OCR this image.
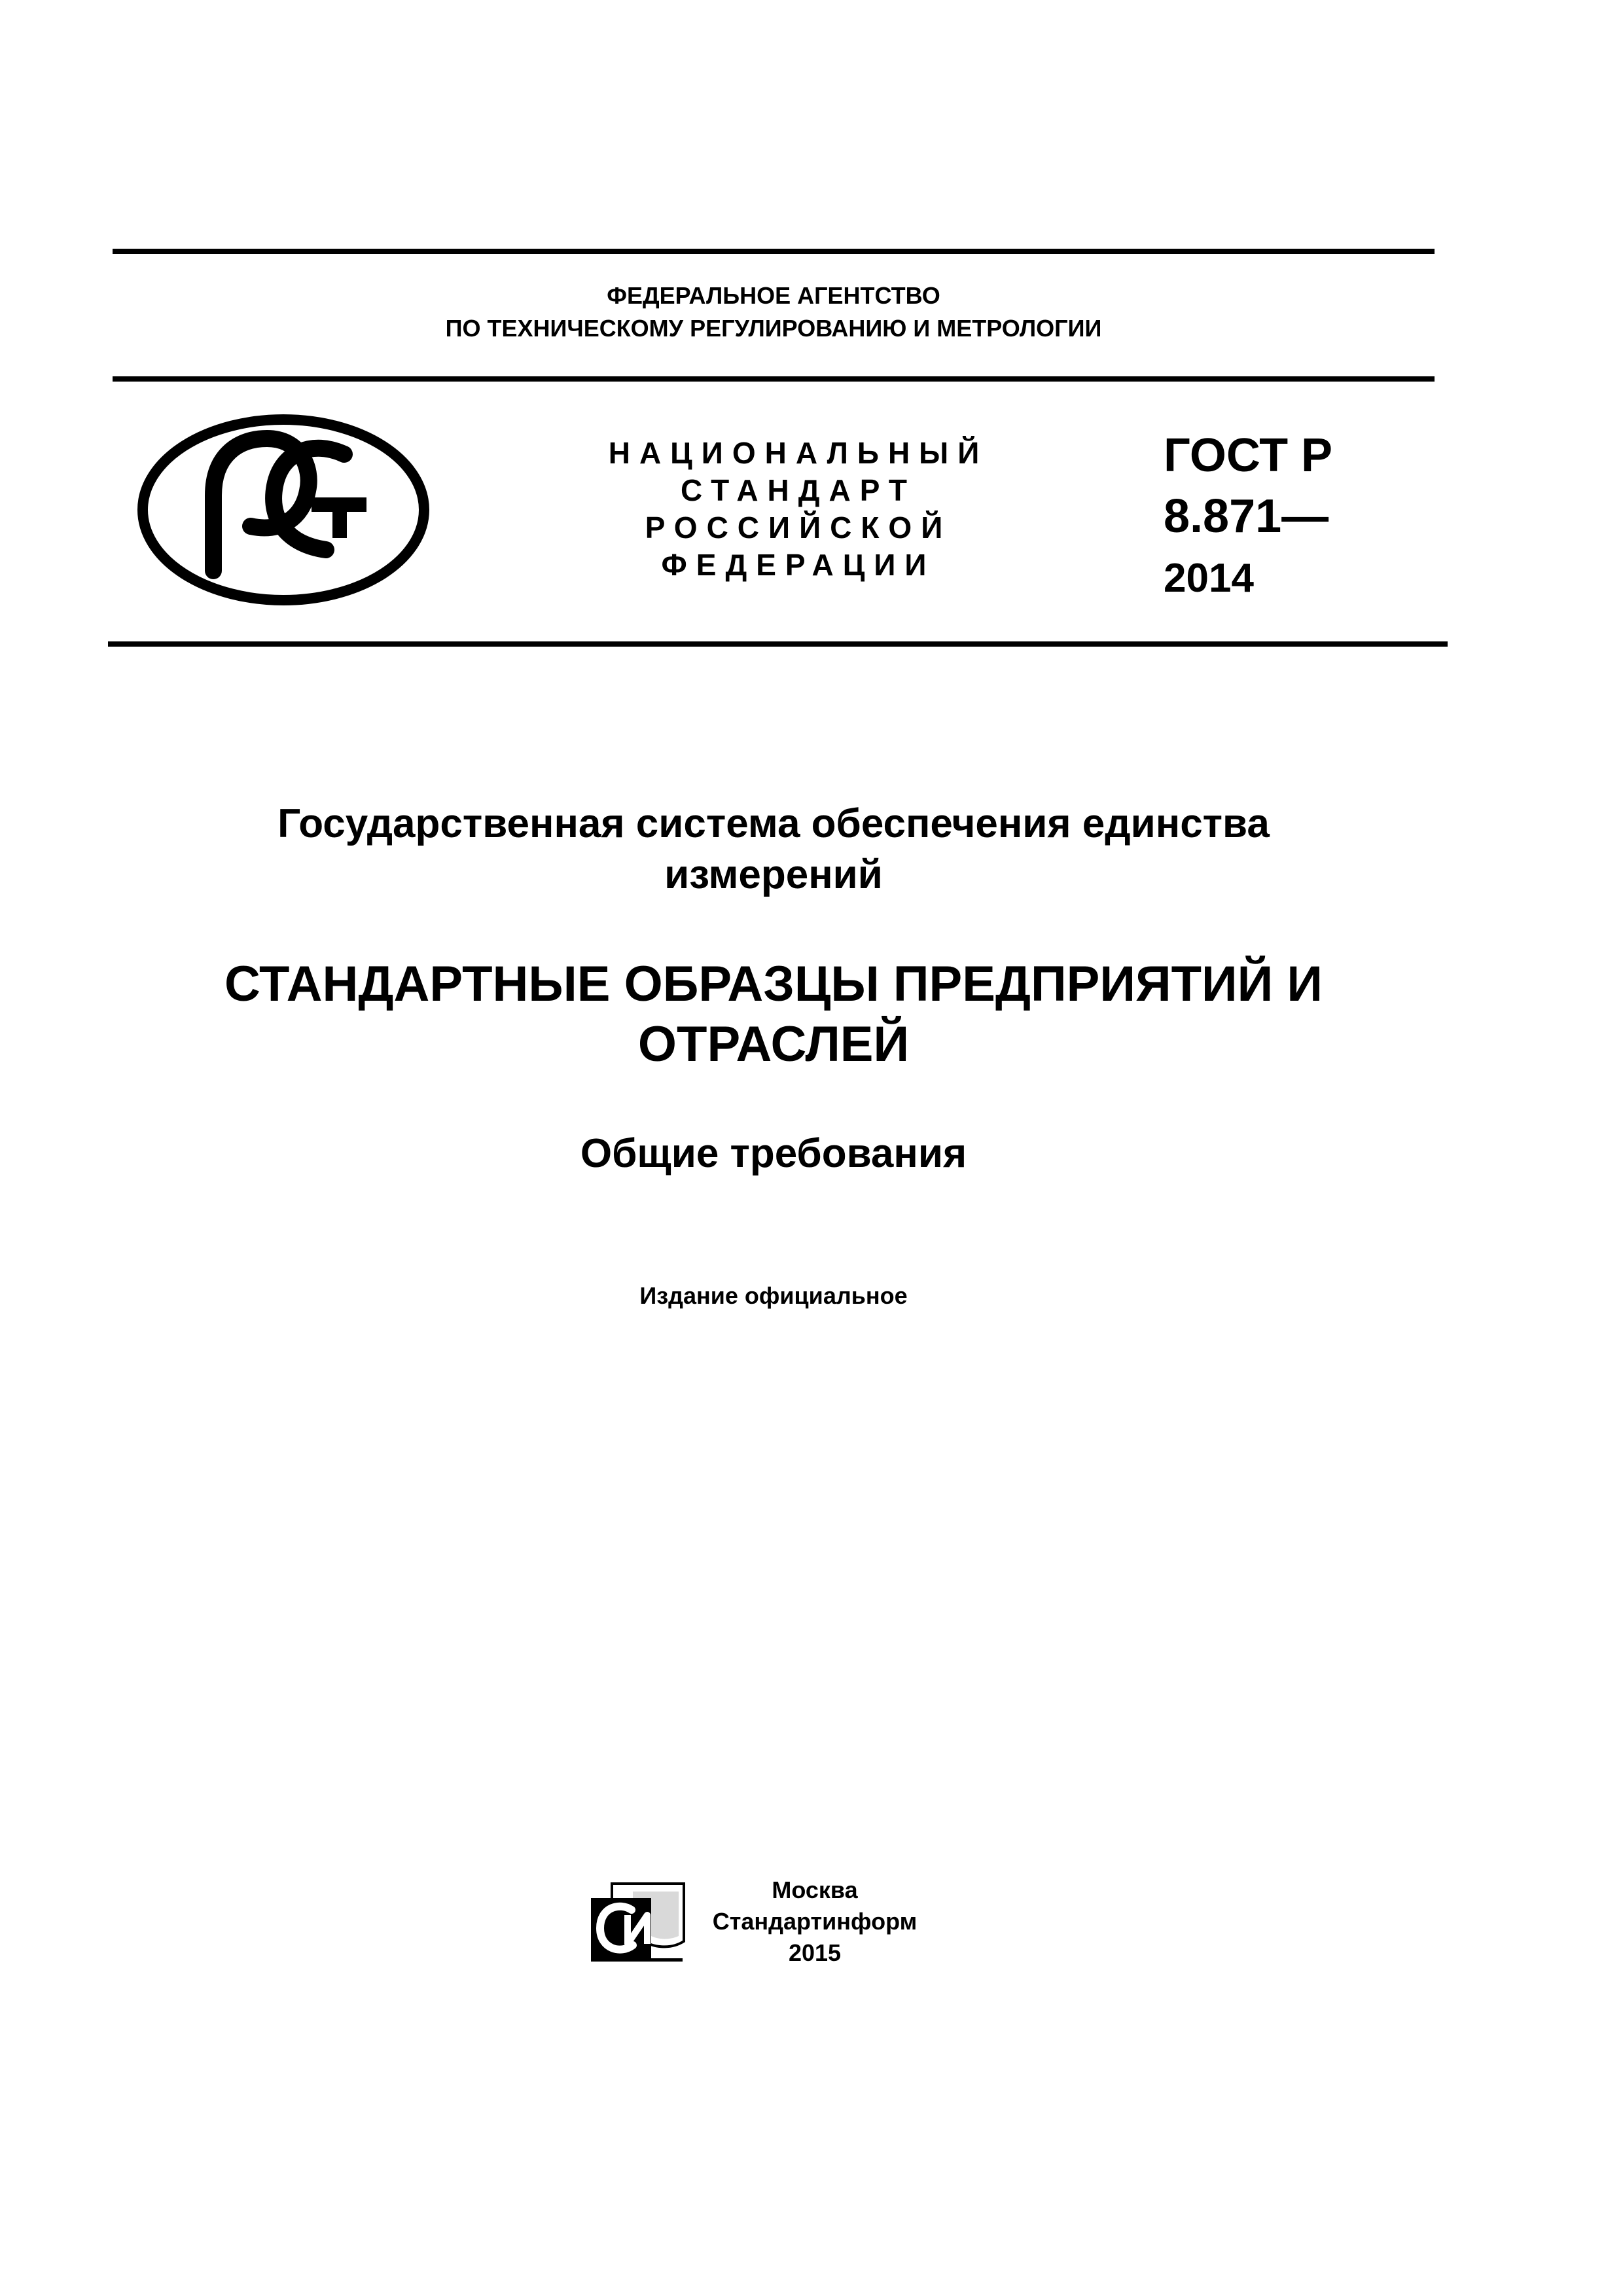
ФЕДЕРАЛЬНОЕ АГЕНТСТВО
ПО ТЕХНИЧЕСКОМУ РЕГУЛИРОВАНИЮ И МЕТРОЛОГИИ
НАЦИОНАЛЬНЫЙ
СТАНДАРТ
РОССИЙСКОЙ
ФЕДЕРАЦИИ
ГОСТ Р
8.871—
2014
Государственная система обеспечения единства
измерений
СТАНДАРТНЫЕ ОБРАЗЦЫ ПРЕДПРИЯТИЙ И
ОТРАСЛЕЙ
Общие требования
Издание официальное
Москва
Стандартинформ
2015
